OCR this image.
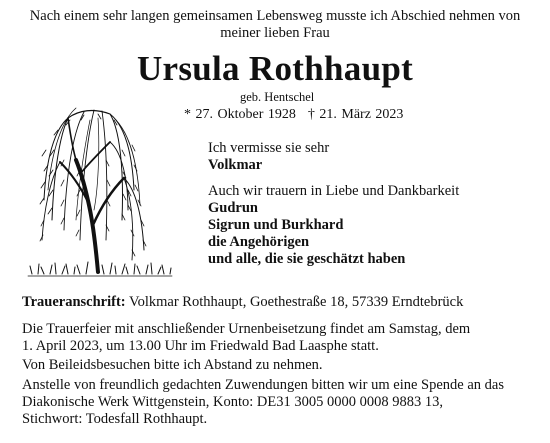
Nach einem sehr langen gemeinsamen Lebensweg musste ich Abschied nehmen von
meiner lieben Frau
Ursula Rothhaupt
geb. Hentschel
* 27. Oktober 1928 † 21. März 2023
Ich vermisse sie sehr
Volkmar
Auch wir trauern in Liebe und Dankbarkeit
Gudrun
Sigrun und Burkhard
die Angehörigen
und alle, die sie geschätzt haben
Traueranschrift: Volkmar Rothhaupt, Goethestraße 18, 57339 Erndtebrück
Die Trauerfeier mit anschließender Urnenbeisetzung findet am Samstag, dem
1. April 2023, um 13.00 Uhr im Friedwald Bad Laasphe statt.
Von Beileidsbesuchen bitte ich Abstand zu nehmen.
Anstelle von freundlich gedachten Zuwendungen bitten wir um eine Spende an das
Diakonische Werk Wittgenstein, Konto: DE31 3005 0000 0008 9883 13,
Stichwort: Todesfall Rothhaupt.
